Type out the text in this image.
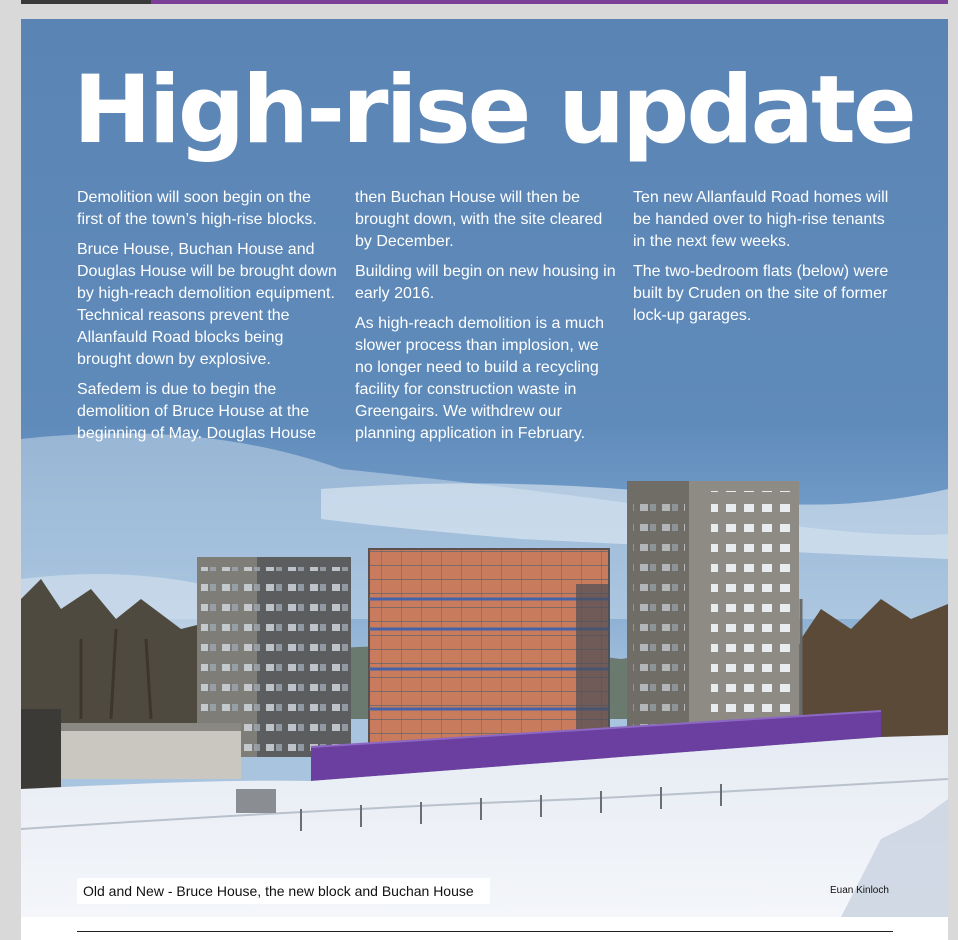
High-rise update

Demolition will soon begin on the first of the town’s high-rise blocks.

Bruce House, Buchan House and Douglas House will be brought down by high-reach demolition equipment. Technical reasons prevent the Allanfauld Road blocks being brought down by explosive.

Safedem is due to begin the demolition of Bruce House at the beginning of May. Douglas House

then Buchan House will then be brought down, with the site cleared by December.

Building will begin on new housing in early 2016.

As high-reach demolition is a much slower process than implosion, we no longer need to build a recycling facility for construction waste in Greengairs. We withdrew our planning application in February.

Ten new Allanfauld Road homes will be handed over to high-rise tenants in the next few weeks.

The two-bedroom flats (below) were built by Cruden on the site of former lock-up garages.

Old and New - Bruce House, the new block and Buchan House	Euan Kinloch
